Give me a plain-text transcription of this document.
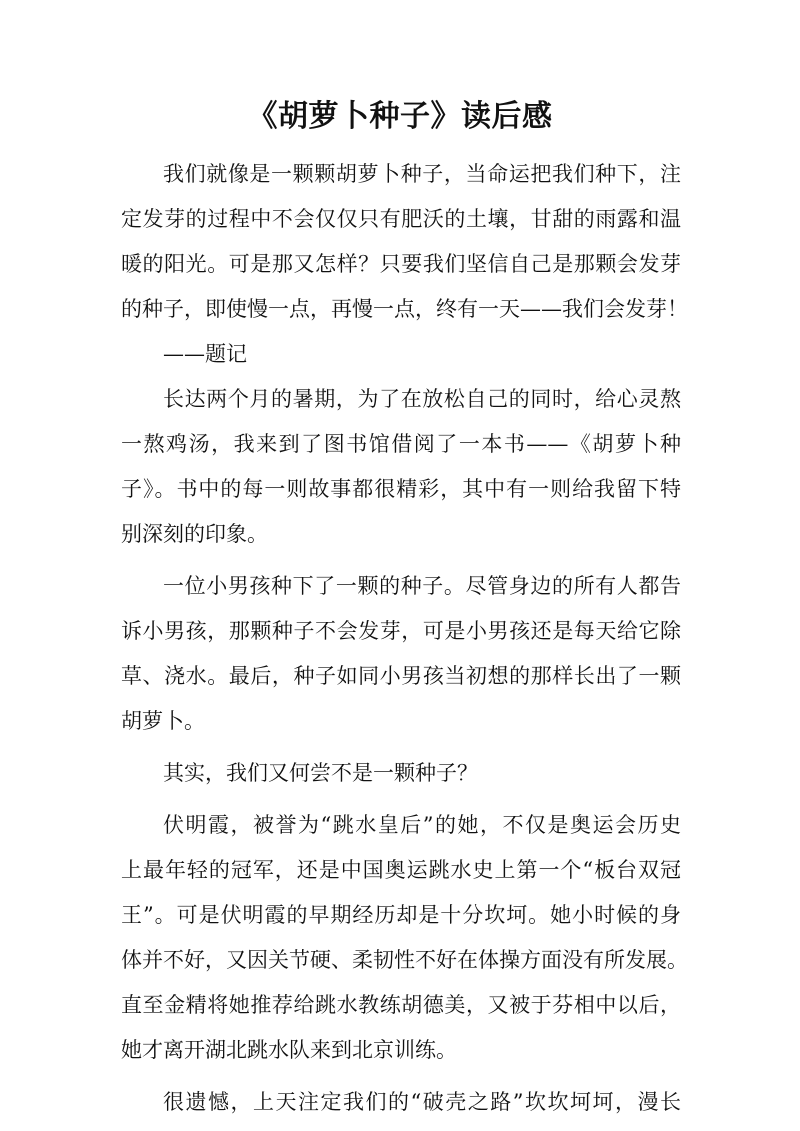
《胡萝卜种子》读后感
我们就像是一颗颗胡萝卜种子，当命运把我们种下，注
定发芽的过程中不会仅仅只有肥沃的土壤，甘甜的雨露和温
暖的阳光。可是那又怎样？只要我们坚信自己是那颗会发芽
的种子，即使慢一点，再慢一点，终有一天——我们会发芽！
——题记
长达两个月的暑期，为了在放松自己的同时，给心灵熬
一熬鸡汤，我来到了图书馆借阅了一本书——《胡萝卜种
子》。书中的每一则故事都很精彩，其中有一则给我留下特
别深刻的印象。
一位小男孩种下了一颗的种子。尽管身边的所有人都告
诉小男孩，那颗种子不会发芽，可是小男孩还是每天给它除
草、浇水。最后，种子如同小男孩当初想的那样长出了一颗
胡萝卜。
其实，我们又何尝不是一颗种子？
伏明霞，被誉为“跳水皇后”的她，不仅是奥运会历史
上最年轻的冠军，还是中国奥运跳水史上第一个“板台双冠
王”。可是伏明霞的早期经历却是十分坎坷。她小时候的身
体并不好，又因关节硬、柔韧性不好在体操方面没有所发展。
直至金精将她推荐给跳水教练胡德美，又被于芬相中以后，
她才离开湖北跳水队来到北京训练。
很遗憾，上天注定我们的“破壳之路”坎坎坷坷，漫长
